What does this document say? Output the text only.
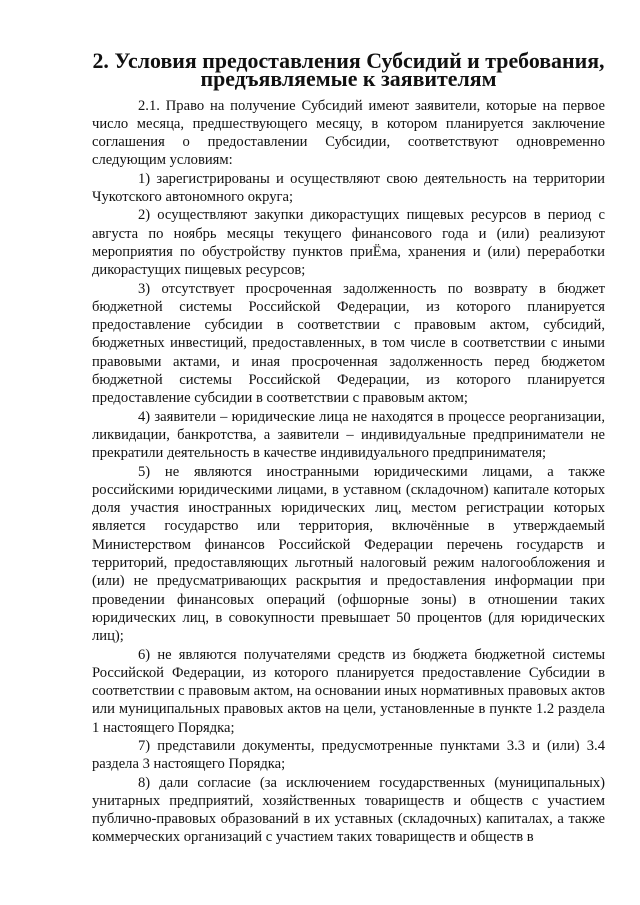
2. Условия предоставления Субсидий и требования,
предъявляемые к заявителям

2.1. Право на получение Субсидий имеют заявители, которые на первое число месяца, предшествующего месяцу, в котором планируется заключение соглашения о предоставлении Субсидии, соответствуют одновременно следующим условиям:

1) зарегистрированы и осуществляют свою деятельность на территории Чукотского автономного округа;

2) осуществляют закупки дикорастущих пищевых ресурсов в период с августа по ноябрь месяцы текущего финансового года и (или) реализуют мероприятия по обустройству пунктов приЁма, хранения и (или) переработки дикорастущих пищевых ресурсов;

3) отсутствует просроченная задолженность по возврату в бюджет бюджетной системы Российской Федерации, из которого планируется предоставление субсидии в соответствии с правовым актом, субсидий, бюджетных инвестиций, предоставленных, в том числе в соответствии с иными правовыми актами, и иная просроченная задолженность перед бюджетом бюджетной системы Российской Федерации, из которого планируется предоставление субсидии в соответствии с правовым актом;

4) заявители – юридические лица не находятся в процессе реорганизации, ликвидации, банкротства, а заявители – индивидуальные предприниматели не прекратили деятельность в качестве индивидуального предпринимателя;

5) не являются иностранными юридическими лицами, а также российскими юридическими лицами, в уставном (складочном) капитале которых доля участия иностранных юридических лиц, местом регистрации которых является государство или территория, включённые в утверждаемый Министерством финансов Российской Федерации перечень государств и территорий, предоставляющих льготный налоговый режим налогообложения и (или) не предусматривающих раскрытия и предоставления информации при проведении финансовых операций (офшорные зоны) в отношении таких юридических лиц, в совокупности превышает 50 процентов (для юридических лиц);

6) не являются получателями средств из бюджета бюджетной системы Российской Федерации, из которого планируется предоставление Субсидии в соответствии с правовым актом, на основании иных нормативных правовых актов или муниципальных правовых актов на цели, установленные в пункте 1.2 раздела 1 настоящего Порядка;

7) представили документы, предусмотренные пунктами 3.3 и (или) 3.4 раздела 3 настоящего Порядка;

8) дали согласие (за исключением государственных (муниципальных) унитарных предприятий, хозяйственных товариществ и обществ с участием публично-правовых образований в их уставных (складочных) капиталах, а также коммерческих организаций с участием таких товариществ и обществ в
